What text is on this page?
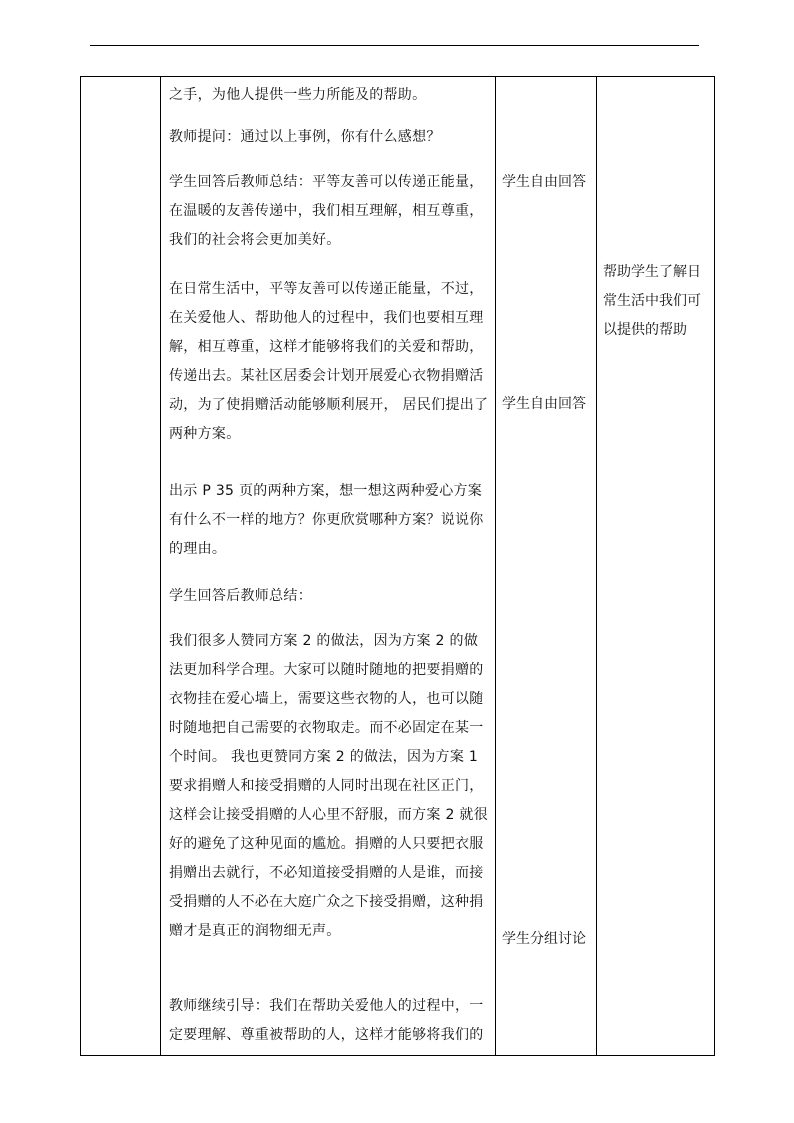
之手，为他人提供一些力所能及的帮助。

教师提问：通过以上事例，你有什么感想？

学生回答后教师总结：平等友善可以传递正能量，在温暖的友善传递中，我们相互理解，相互尊重，我们的社会将会更加美好。

在日常生活中，平等友善可以传递正能量，不过，在关爱他人、帮助他人的过程中，我们也要相互理解，相互尊重，这样才能够将我们的关爱和帮助，传递出去。某社区居委会计划开展爱心衣物捐赠活动，为了使捐赠活动能够顺利展开， 居民们提出了两种方案。

出示 P 35 页的两种方案，想一想这两种爱心方案有什么不一样的地方？你更欣赏哪种方案？说说你的理由。

学生回答后教师总结：

我们很多人赞同方案 2 的做法，因为方案 2 的做法更加科学合理。大家可以随时随地的把要捐赠的衣物挂在爱心墙上，需要这些衣物的人，也可以随时随地把自己需要的衣物取走。而不必固定在某一个时间。 我也更赞同方案 2 的做法，因为方案 1 要求捐赠人和接受捐赠的人同时出现在社区正门，这样会让接受捐赠的人心里不舒服，而方案 2 就很好的避免了这种见面的尴尬。捐赠的人只要把衣服捐赠出去就行，不必知道接受捐赠的人是谁，而接受捐赠的人不必在大庭广众之下接受捐赠，这种捐赠才是真正的润物细无声。

教师继续引导：我们在帮助关爱他人的过程中，一定要理解、尊重被帮助的人，这样才能够将我们的

学生自由回答

学生自由回答

学生分组讨论

帮助学生了解日常生活中我们可以提供的帮助
